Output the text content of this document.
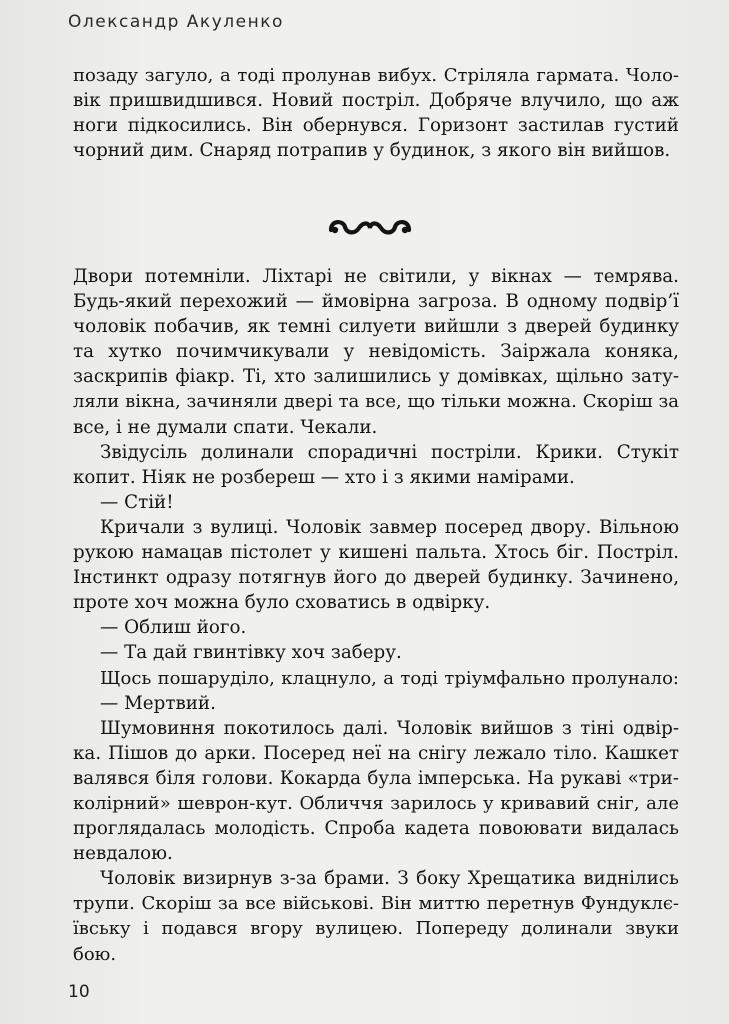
Олександр Акуленко
позаду загуло, а тоді пролунав вибух. Стріляла гармата. Чоло-
вік пришвидшився. Новий постріл. Добряче влучило, що аж
ноги підкосились. Він обернувся. Горизонт застилав густий
чорний дим. Снаряд потрапив у будинок, з якого він вийшов.
Двори потемніли. Ліхтарі не світили, у вікнах — темрява.
Будь-який перехожий — ймовірна загроза. В одному подвір’ї
чоловік побачив, як темні силуети вийшли з дверей будинку
та хутко почимчикували у невідомість. Заіржала коняка,
заскрипів фіакр. Ті, хто залишились у домівках, щільно зату-
ляли вікна, зачиняли двері та все, що тільки можна. Скоріш за
все, і не думали спати. Чекали.
Звідусіль долинали спорадичні постріли. Крики. Стукіт
копит. Ніяк не розбереш — хто і з якими намірами.
— Стій!
Кричали з вулиці. Чоловік завмер посеред двору. Вільною
рукою намацав пістолет у кишені пальта. Хтось біг. Постріл.
Інстинкт одразу потягнув його до дверей будинку. Зачинено,
проте хоч можна було сховатись в одвірку.
— Облиш його.
— Та дай гвинтівку хоч заберу.
Щось пошаруділо, клацнуло, а тоді тріумфально пролунало:
— Мертвий.
Шумовиння покотилось далі. Чоловік вийшов з тіні одвір-
ка. Пішов до арки. Посеред неї на снігу лежало тіло. Кашкет
валявся біля голови. Кокарда була імперська. На рукаві «три-
колірний» шеврон-кут. Обличчя зарилось у кривавий сніг, але
проглядалась молодість. Спроба кадета повоювати видалась
невдалою.
Чоловік визирнув з-за брами. З боку Хрещатика виднілись
трупи. Скоріш за все військові. Він миттю перетнув Фундуклє-
ївську і подався вгору вулицею. Попереду долинали звуки бою.
10
